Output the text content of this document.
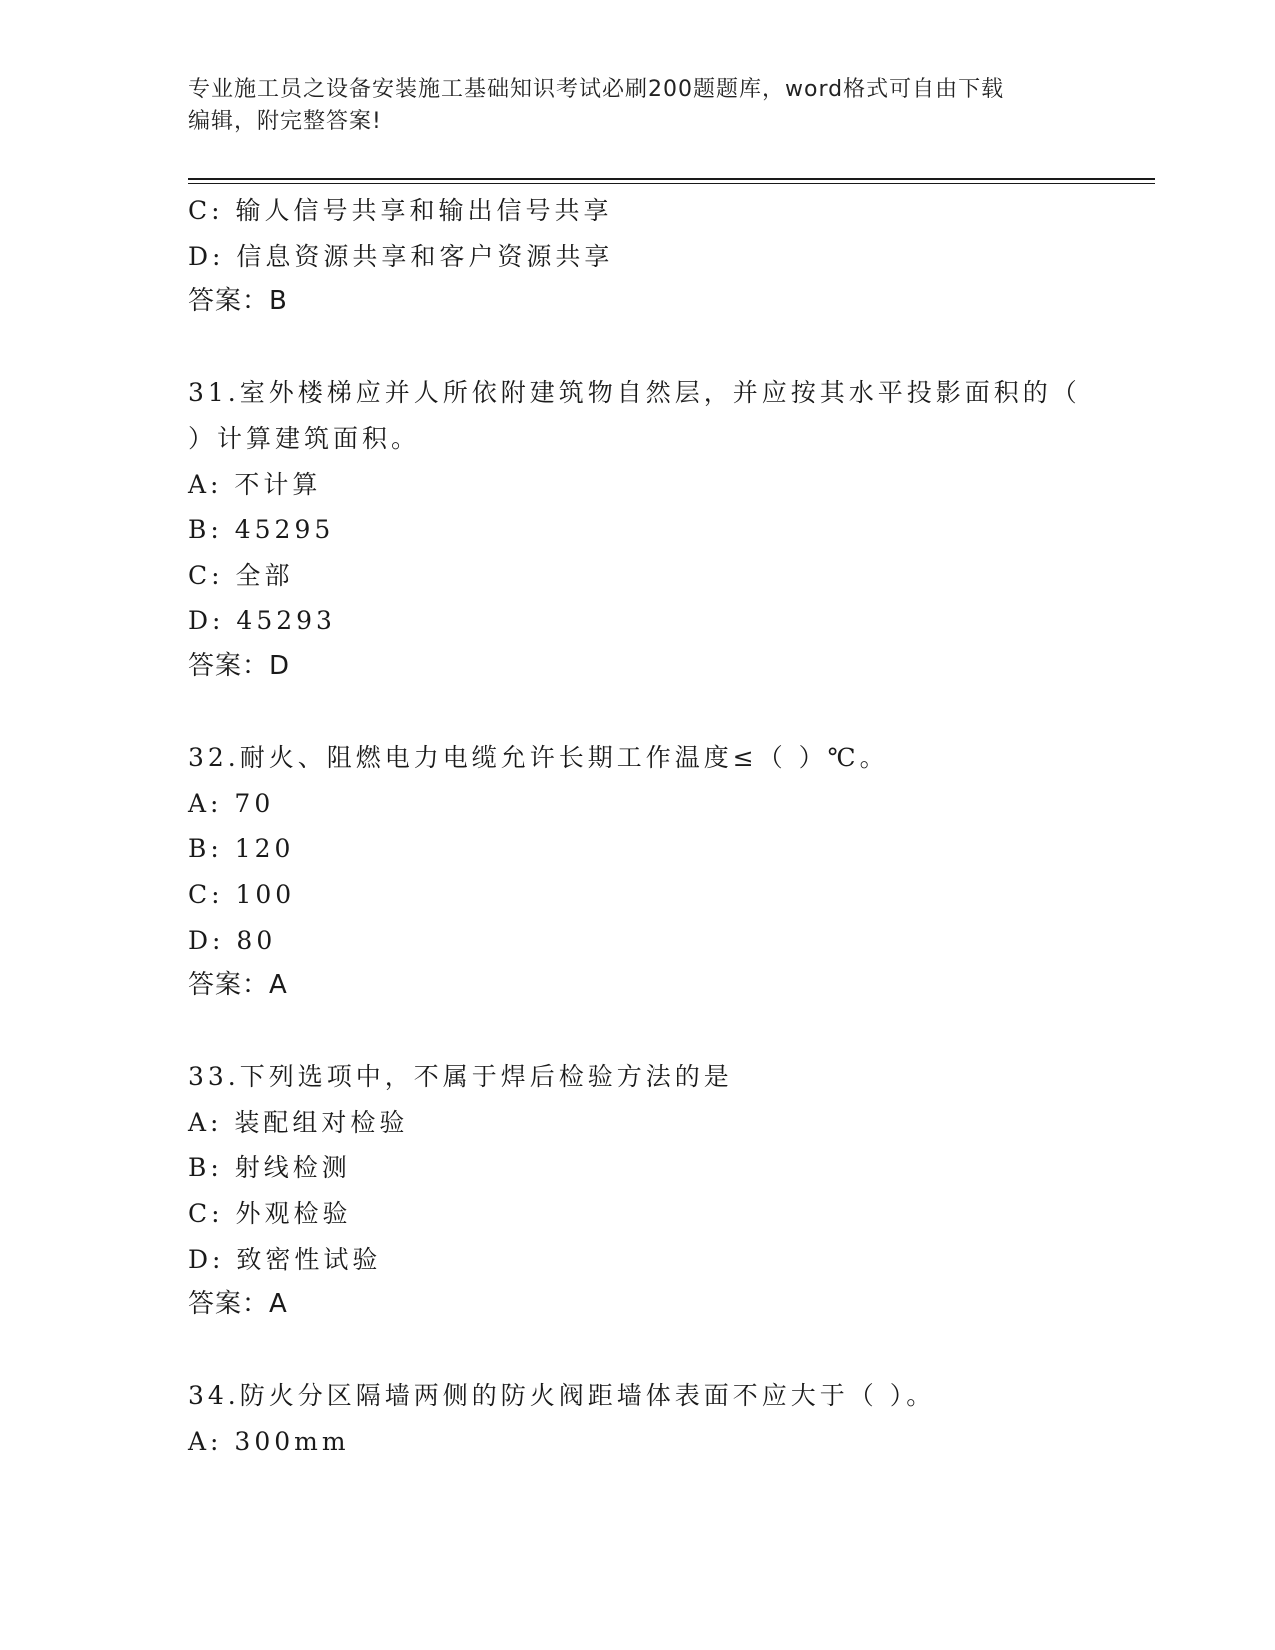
专业施工员之设备安装施工基础知识考试必刷200题题库，word格式可自由下载
编辑，附完整答案!

C: 输人信号共享和输出信号共享

D: 信息资源共享和客户资源共享

答案：B

31.室外楼梯应并人所依附建筑物自然层，并应按其水平投影面积的（

）计算建筑面积。

A: 不计算

B: 45295

C: 全部

D: 45293

答案：D

32.耐火、阻燃电力电缆允许长期工作温度≤（ ）℃。

A: 70

B: 120

C: 100

D: 80

答案：A

33.下列选项中，不属于焊后检验方法的是

A: 装配组对检验

B: 射线检测

C: 外观检验

D: 致密性试验

答案：A

34.防火分区隔墙两侧的防火阀距墙体表面不应大于（ ）。

A: 300mm
